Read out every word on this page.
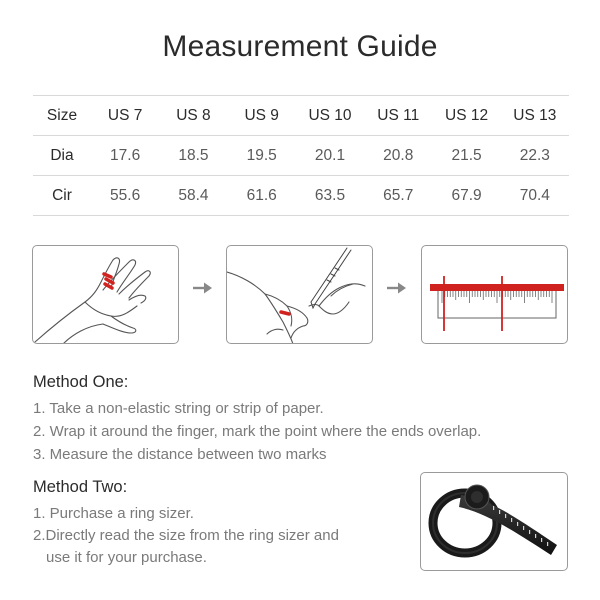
Measurement Guide
Size	US 7	US 8	US 9	US 10	US 11	US 12	US 13
Dia	17.6	18.5	19.5	20.1	20.8	21.5	22.3
Cir	55.6	58.4	61.6	63.5	65.7	67.9	70.4
Method One:
1. Take a non-elastic string or strip of paper.
2. Wrap it around the finger, mark the point where the ends overlap.
3. Measure the distance between two marks
Method Two:
1. Purchase a ring sizer.
2.Directly read the size from the ring sizer and
use it for your purchase.
